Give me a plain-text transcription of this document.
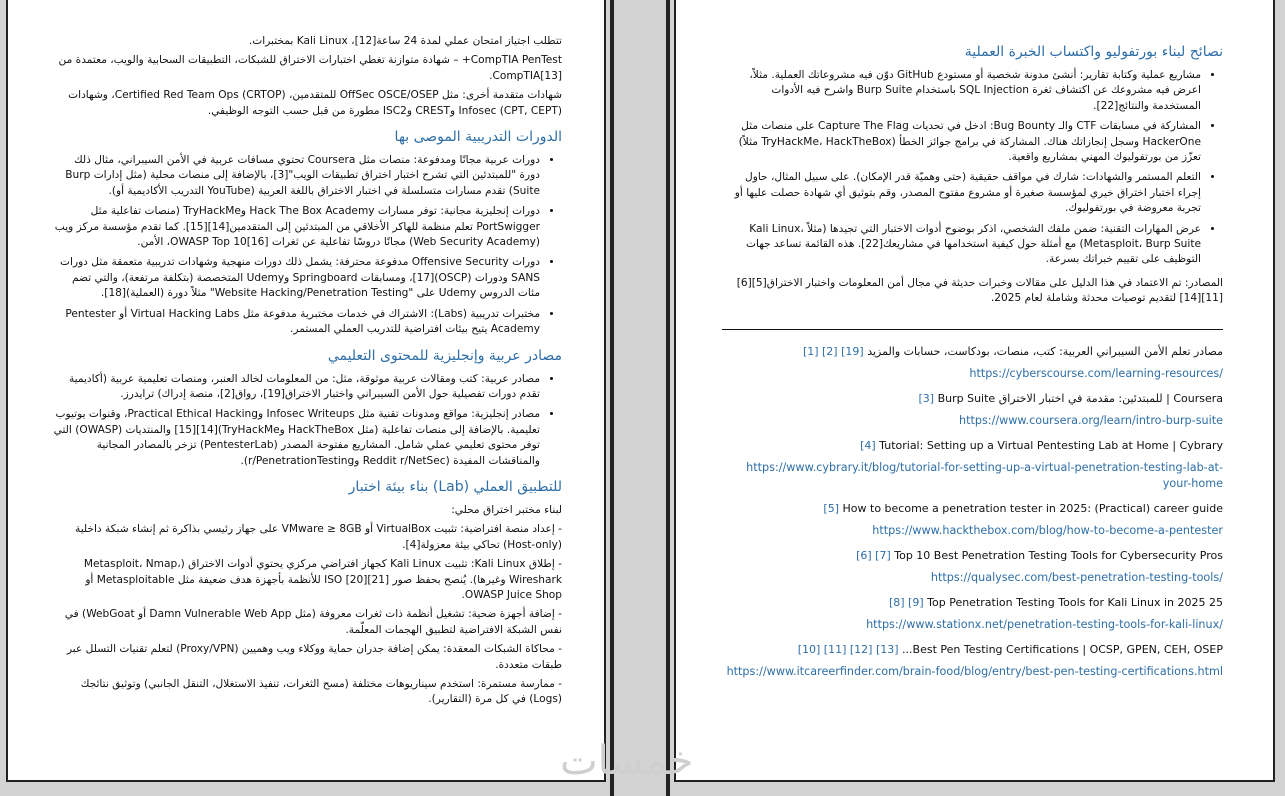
تتطلب اجتياز امتحان عملي لمدة 24 ساعة[12]، Kali Linux بمختبرات.

CompTIA PenTest+ – شهادة متوازنة تغطي اختبارات الاختراق للشبكات، التطبيقات السحابية والويب، معتمدة من CompTIA[13].

شهادات متقدمة أخرى: مثل OffSec OSCE/OSEP للمتقدمين، Certified Red Team Ops (CRTOP)، وشهادات Infosec (CPT, CEPT) وCREST وISC2 مطورة من قبل حسب التوجه الوظيفي.

الدورات التدريبية الموصى بها
• دورات عربية مجانًا ومدفوعة: منصات مثل Coursera تحتوي مسافات عربية في الأمن السيبراني، مثال ذلك دورة "للمبتدئين التي تشرح اختبار اختراق تطبيقات الويب"[3]، بالإضافة إلى منصات محلية (مثل إدارات Burp Suite) تقدم مسارات متسلسلة في اختبار الاختراق باللغة العربية (YouTube التدريب الأكاديمية أو).
• دورات إنجليزية مجانية: توفر مسارات Hack The Box Academy وTryHackMe (منصات تفاعلية مثل PortSwigger تعلم منظمة للهاكر الأخلاقي من المبتدئين إلى المتقدمين[14][15]. كما تقدم مؤسسة مركز ويب (Web Security Academy) مجانًا دروسًا تفاعلية عن ثغرات OWASP Top 10[16]، الأمن.
• دورات Offensive Security مدفوعة محترفة: يشمل ذلك دورات منهجية وشهادات تدريبية متعمقة مثل دورات SANS ودورات (OSCP)[17]، ومسابقات Springboard وUdemy المتخصصة (بتكلفة مرتفعة)، والتي تضم مئات الدروس Udemy على "Website Hacking/Penetration Testing" مثلاً دورة (العملية)[18].
• مختبرات تدريبية (Labs): الاشتراك في خدمات مختبرية مدفوعة مثل Virtual Hacking Labs أو Pentester Academy يتيح بيئات افتراضية للتدريب العملي المستمر.
مصادر عربية وإنجليزية للمحتوى التعليمي
• مصادر عربية: كتب ومقالات عربية موثوقة، مثل: من المعلومات لخالد العنبر، ومنصات تعليمية عربية (أكاديمية تقدم دورات تفصيلية حول الأمن السيبراني واختبار الاختراق[19]، رواق[2]، منصة إدراك) ترايدرز.
• مصادر إنجليزية: مواقع ومدونات تقنية مثل Infosec Writeups وPractical Ethical Hacking، وقنوات يوتيوب تعليمية. بالإضافة إلى منصات تفاعلية (مثل HackTheBox وTryHackMe)[14][15] والمنتديات (OWASP) التي توفر محتوى تعليمي عملي شامل. المشاريع مفتوحة المصدر (PentesterLab) تزخر بالمصادر المجانية والمناقشات المفيدة (Reddit r/NetSec وr/PenetrationTesting).
للتطبيق العملي (Lab) بناء بيئة اختبار

لبناء مختبر اختراق محلي:

- إعداد منصة افتراضية: تثبيت VirtualBox أو VMware ≥ 8GB على جهاز رئيسي بذاكرة ثم إنشاء شبكة داخلية (Host-only) تحاكي بيئة معزولة[4].

- إطلاق Kali Linux: تثبيت Kali Linux كجهاز افتراضي مركزي يحتوي أدوات الاختراق (Metasploit، Nmap، Wireshark وغيرها). يُنصح بحفظ صور ISO [20][21] للأنظمة بأجهزة هدف ضعيفة مثل Metasploitable أو OWASP Juice Shop.

- إضافة أجهزة ضحية: تشغيل أنظمة ذات ثغرات معروفة (مثل Damn Vulnerable Web App أو WebGoat) في نفس الشبكة الافتراضية لتطبيق الهجمات المعلّمة.

- محاكاة الشبكات المعقدة: يمكن إضافة جدران حماية ووكلاء ويب وهميين (Proxy/VPN) لتعلم تقنيات التسلل عبر طبقات متعددة.

- ممارسة مستمرة: استخدم سيناريوهات مختلفة (مسح الثغرات، تنفيذ الاستغلال، التنقل الجانبي) وتوثيق نتائجك (Logs) في كل مرة (التقارير).

نصائح لبناء بورتفوليو واكتساب الخبرة العملية
• مشاريع عملية وكتابة تقارير: أنشئ مدونة شخصية أو مستودع GitHub دوّن فيه مشروعاتك العملية. مثلاً، اعرض فيه مشروعك عن اكتشاف ثغرة SQL Injection باستخدام Burp Suite واشرح فيه الأدوات المستخدمة والنتائج[22].
• المشاركة في مسابقات CTF والـ Bug Bounty: ادخل في تحديات Capture The Flag على منصات مثل HackerOne وسجل إنجازاتك هناك. المشاركة في برامج جوائز الخطأ (TryHackMe، HackTheBox مثلاً) تعزّز من بورتفوليوك المهني بمشاريع واقعية.
• التعلم المستمر والشهادات: شارك في مواقف حقيقية (حتى وهميّة قدر الإمكان). على سبيل المثال، حاول إجراء اختبار اختراق خيري لمؤسسة صغيرة أو مشروع مفتوح المصدر، وقم بتوثيق أي شهادة حصلت عليها أو تجربة معروضة في بورتفوليوك.
• عرض المهارات التقنية: ضمن ملفك الشخصي، اذكر بوضوح أدوات الاختبار التي تجيدها (مثلاً Kali Linux، Metasploit، Burp Suite) مع أمثلة حول كيفية استخدامها في مشاريعك[22]. هذه القائمة تساعد جهات التوظيف على تقييم خبراتك بسرعة.

المصادر: تم الاعتماد في هذا الدليل على مقالات وخبرات حديثة في مجال أمن المعلومات واختبار الاختراق[5][6][11][14] لتقديم توصيات محدثة وشاملة لعام 2025.

مصادر تعلم الأمن السيبراني العربية: كتب، منصات، بودكاست، حسابات والمزيد [1] [2] [19]
https://cyberscourse.com/learning-resources/
Coursera | للمبتدئين: مقدمة في اختبار الاختراق Burp Suite [3]
https://www.coursera.org/learn/intro-burp-suite
Tutorial: Setting up a Virtual Pentesting Lab at Home | Cybrary [4]
https://www.cybrary.it/blog/tutorial-for-setting-up-a-virtual-penetration-testing-lab-at-your-home
How to become a penetration tester in 2025: (Practical) career guide [5]
https://www.hackthebox.com/blog/how-to-become-a-pentester
Top 10 Best Penetration Testing Tools for Cybersecurity Pros [6] [7]
https://qualysec.com/best-penetration-testing-tools/
25 Top Penetration Testing Tools for Kali Linux in 2025 [8] [9]
https://www.stationx.net/penetration-testing-tools-for-kali-linux/
Best Pen Testing Certifications | OCSP, GPEN, CEH, OSEP... [10] [11] [12] [13]
https://www.itcareerfinder.com/brain-food/blog/entry/best-pen-testing-certifications.html
خمسات
